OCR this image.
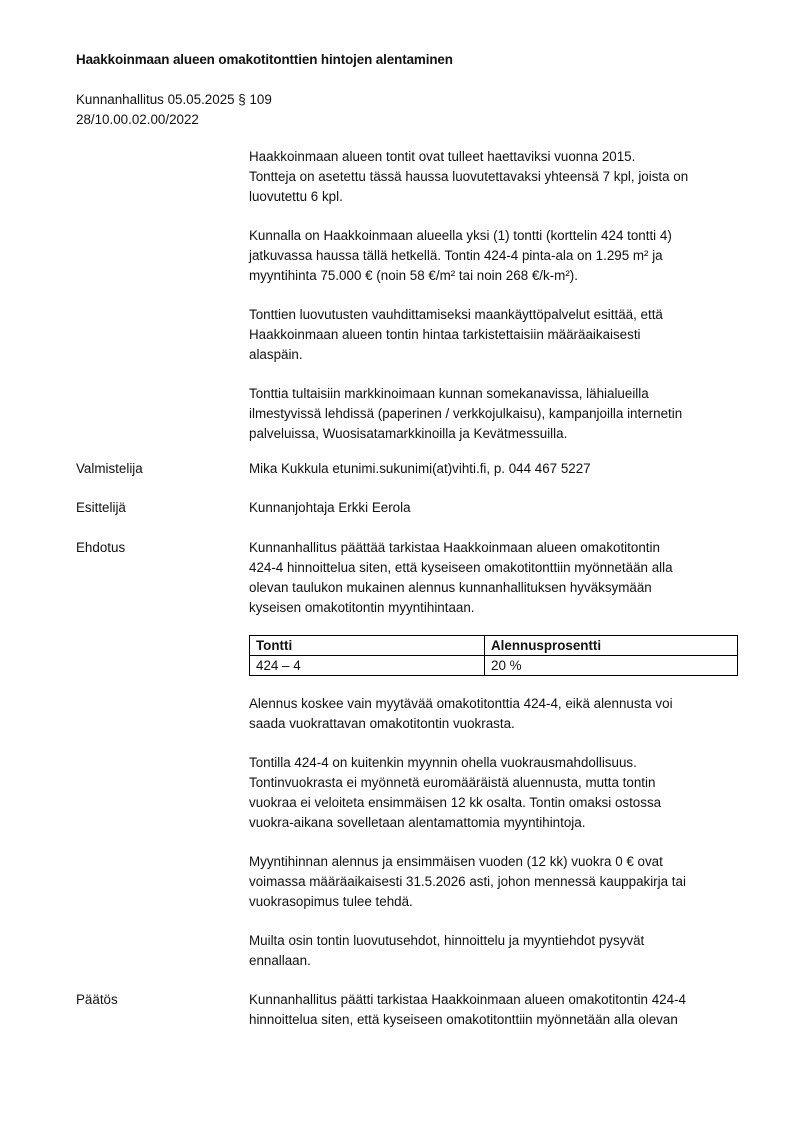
Haakkoinmaan alueen omakotitonttien hintojen alentaminen
Kunnanhallitus 05.05.2025 § 109
28/10.00.02.00/2022

Haakkoinmaan alueen tontit ovat tulleet haettaviksi vuonna 2015.
Tontteja on asetettu tässä haussa luovutettavaksi yhteensä 7 kpl, joista on
luovutettu 6 kpl.

Kunnalla on Haakkoinmaan alueella yksi (1) tontti (korttelin 424 tontti 4)
jatkuvassa haussa tällä hetkellä. Tontin 424-4 pinta-ala on 1.295 m² ja
myyntihinta 75.000 € (noin 58 €/m² tai noin 268 €/k-m²).

Tonttien luovutusten vauhdittamiseksi maankäyttöpalvelut esittää, että
Haakkoinmaan alueen tontin hintaa tarkistettaisiin määräaikaisesti
alaspäin.

Tonttia tultaisiin markkinoimaan kunnan somekanavissa, lähialueilla
ilmestyvissä lehdissä (paperinen / verkkojulkaisu), kampanjoilla internetin
palveluissa, Wuosisatamarkkinoilla ja Kevätmessuilla.

Valmistelija	Mika Kukkula etunimi.sukunimi(at)vihti.fi, p. 044 467 5227
Esittelijä	Kunnanjohtaja Erkki Eerola
Ehdotus	Kunnanhallitus päättää tarkistaa Haakkoinmaan alueen omakotitontin
424-4 hinnoittelua siten, että kyseiseen omakotitonttiin myönnetään alla
olevan taulukon mukainen alennus kunnanhallituksen hyväksymään
kyseisen omakotitontin myyntihintaan.

Tontti	Alennusprosentti
424 – 4	20 %

Alennus koskee vain myytävää omakotitonttia 424-4, eikä alennusta voi
saada vuokrattavan omakotitontin vuokrasta.

Tontilla 424-4 on kuitenkin myynnin ohella vuokrausmahdollisuus.
Tontinvuokrasta ei myönnetä euromääräistä aluennusta, mutta tontin
vuokraa ei veloiteta ensimmäisen 12 kk osalta. Tontin omaksi ostossa
vuokra-aikana sovelletaan alentamattomia myyntihintoja.

Myyntihinnan alennus ja ensimmäisen vuoden (12 kk) vuokra 0 € ovat
voimassa määräaikaisesti 31.5.2026 asti, johon mennessä kauppakirja tai
vuokrasopimus tulee tehdä.

Muilta osin tontin luovutusehdot, hinnoittelu ja myyntiehdot pysyvät
ennallaan.

Päätös	Kunnanhallitus päätti tarkistaa Haakkoinmaan alueen omakotitontin 424-4
hinnoittelua siten, että kyseiseen omakotitonttiin myönnetään alla olevan
